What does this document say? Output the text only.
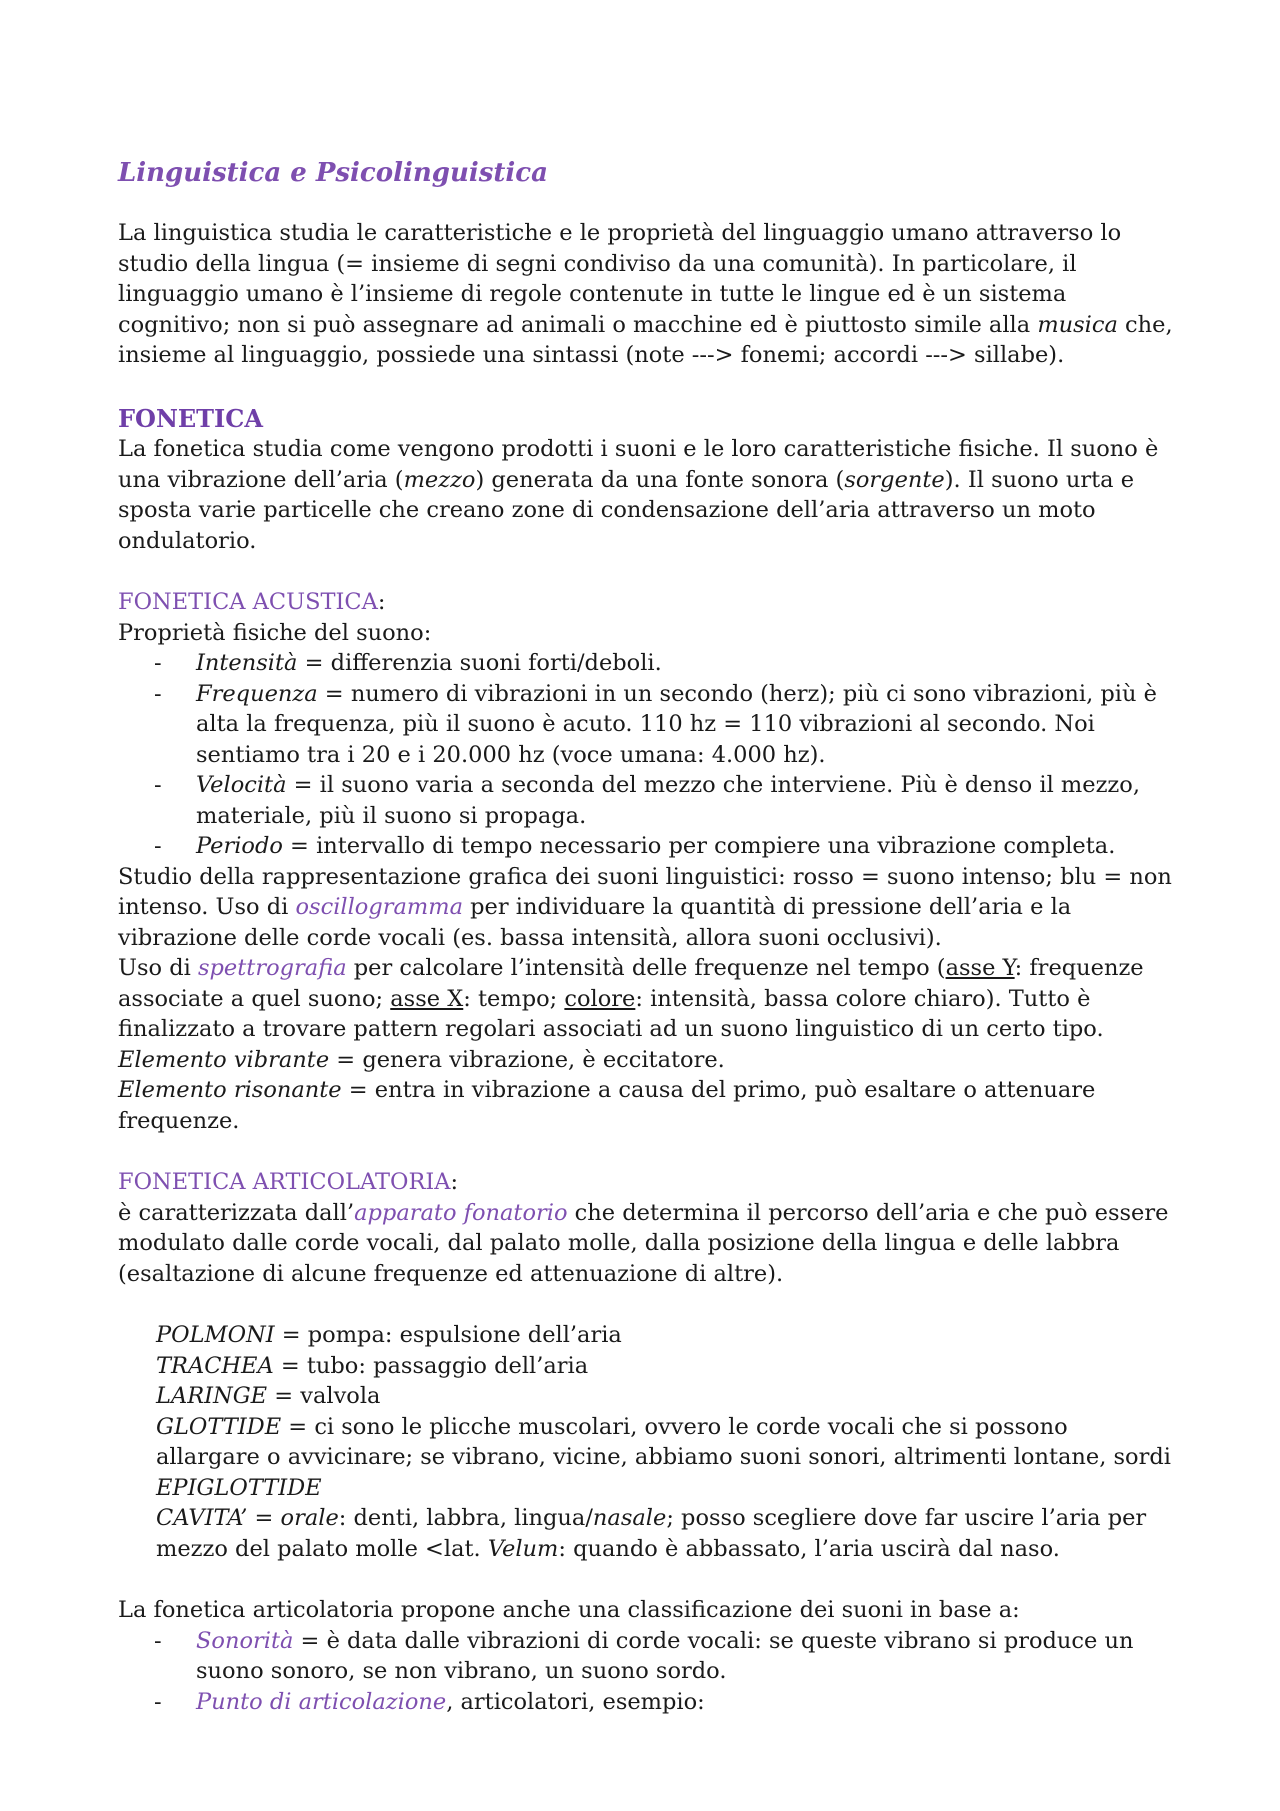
Linguistica e Psicolinguistica

La linguistica studia le caratteristiche e le proprietà del linguaggio umano attraverso lo studio della lingua (= insieme di segni condiviso da una comunità). In particolare, il linguaggio umano è l’insieme di regole contenute in tutte le lingue ed è un sistema cognitivo; non si può assegnare ad animali o macchine ed è piuttosto simile alla musica che, insieme al linguaggio, possiede una sintassi (note ---> fonemi; accordi ---> sillabe).

FONETICA

La fonetica studia come vengono prodotti i suoni e le loro caratteristiche fisiche. Il suono è una vibrazione dell’aria (mezzo) generata da una fonte sonora (sorgente). Il suono urta e sposta varie particelle che creano zone di condensazione dell’aria attraverso un moto ondulatorio.

FONETICA ACUSTICA:

Proprietà fisiche del suono:

- Intensità = differenzia suoni forti/deboli.
- Frequenza = numero di vibrazioni in un secondo (herz); più ci sono vibrazioni, più è alta la frequenza, più il suono è acuto. 110 hz = 110 vibrazioni al secondo. Noi sentiamo tra i 20 e i 20.000 hz (voce umana: 4.000 hz).
- Velocità = il suono varia a seconda del mezzo che interviene. Più è denso il mezzo, materiale, più il suono si propaga.
- Periodo = intervallo di tempo necessario per compiere una vibrazione completa.

Studio della rappresentazione grafica dei suoni linguistici: rosso = suono intenso; blu = non intenso. Uso di oscillogramma per individuare la quantità di pressione dell’aria e la vibrazione delle corde vocali (es. bassa intensità, allora suoni occlusivi).

Uso di spettrografia per calcolare l’intensità delle frequenze nel tempo (asse Y: frequenze associate a quel suono; asse X: tempo; colore: intensità, bassa colore chiaro). Tutto è finalizzato a trovare pattern regolari associati ad un suono linguistico di un certo tipo.

Elemento vibrante = genera vibrazione, è eccitatore.

Elemento risonante = entra in vibrazione a causa del primo, può esaltare o attenuare frequenze.

FONETICA ARTICOLATORIA:

è caratterizzata dall’apparato fonatorio che determina il percorso dell’aria e che può essere modulato dalle corde vocali, dal palato molle, dalla posizione della lingua e delle labbra (esaltazione di alcune frequenze ed attenuazione di altre).

POLMONI = pompa: espulsione dell’aria

TRACHEA = tubo: passaggio dell’aria

LARINGE = valvola

GLOTTIDE = ci sono le plicche muscolari, ovvero le corde vocali che si possono allargare o avvicinare; se vibrano, vicine, abbiamo suoni sonori, altrimenti lontane, sordi

EPIGLOTTIDE

CAVITA’ = orale: denti, labbra, lingua/nasale; posso scegliere dove far uscire l’aria per mezzo del palato molle <lat. Velum: quando è abbassato, l’aria uscirà dal naso.

La fonetica articolatoria propone anche una classificazione dei suoni in base a:

- Sonorità = è data dalle vibrazioni di corde vocali: se queste vibrano si produce un suono sonoro, se non vibrano, un suono sordo.
- Punto di articolazione, articolatori, esempio:
